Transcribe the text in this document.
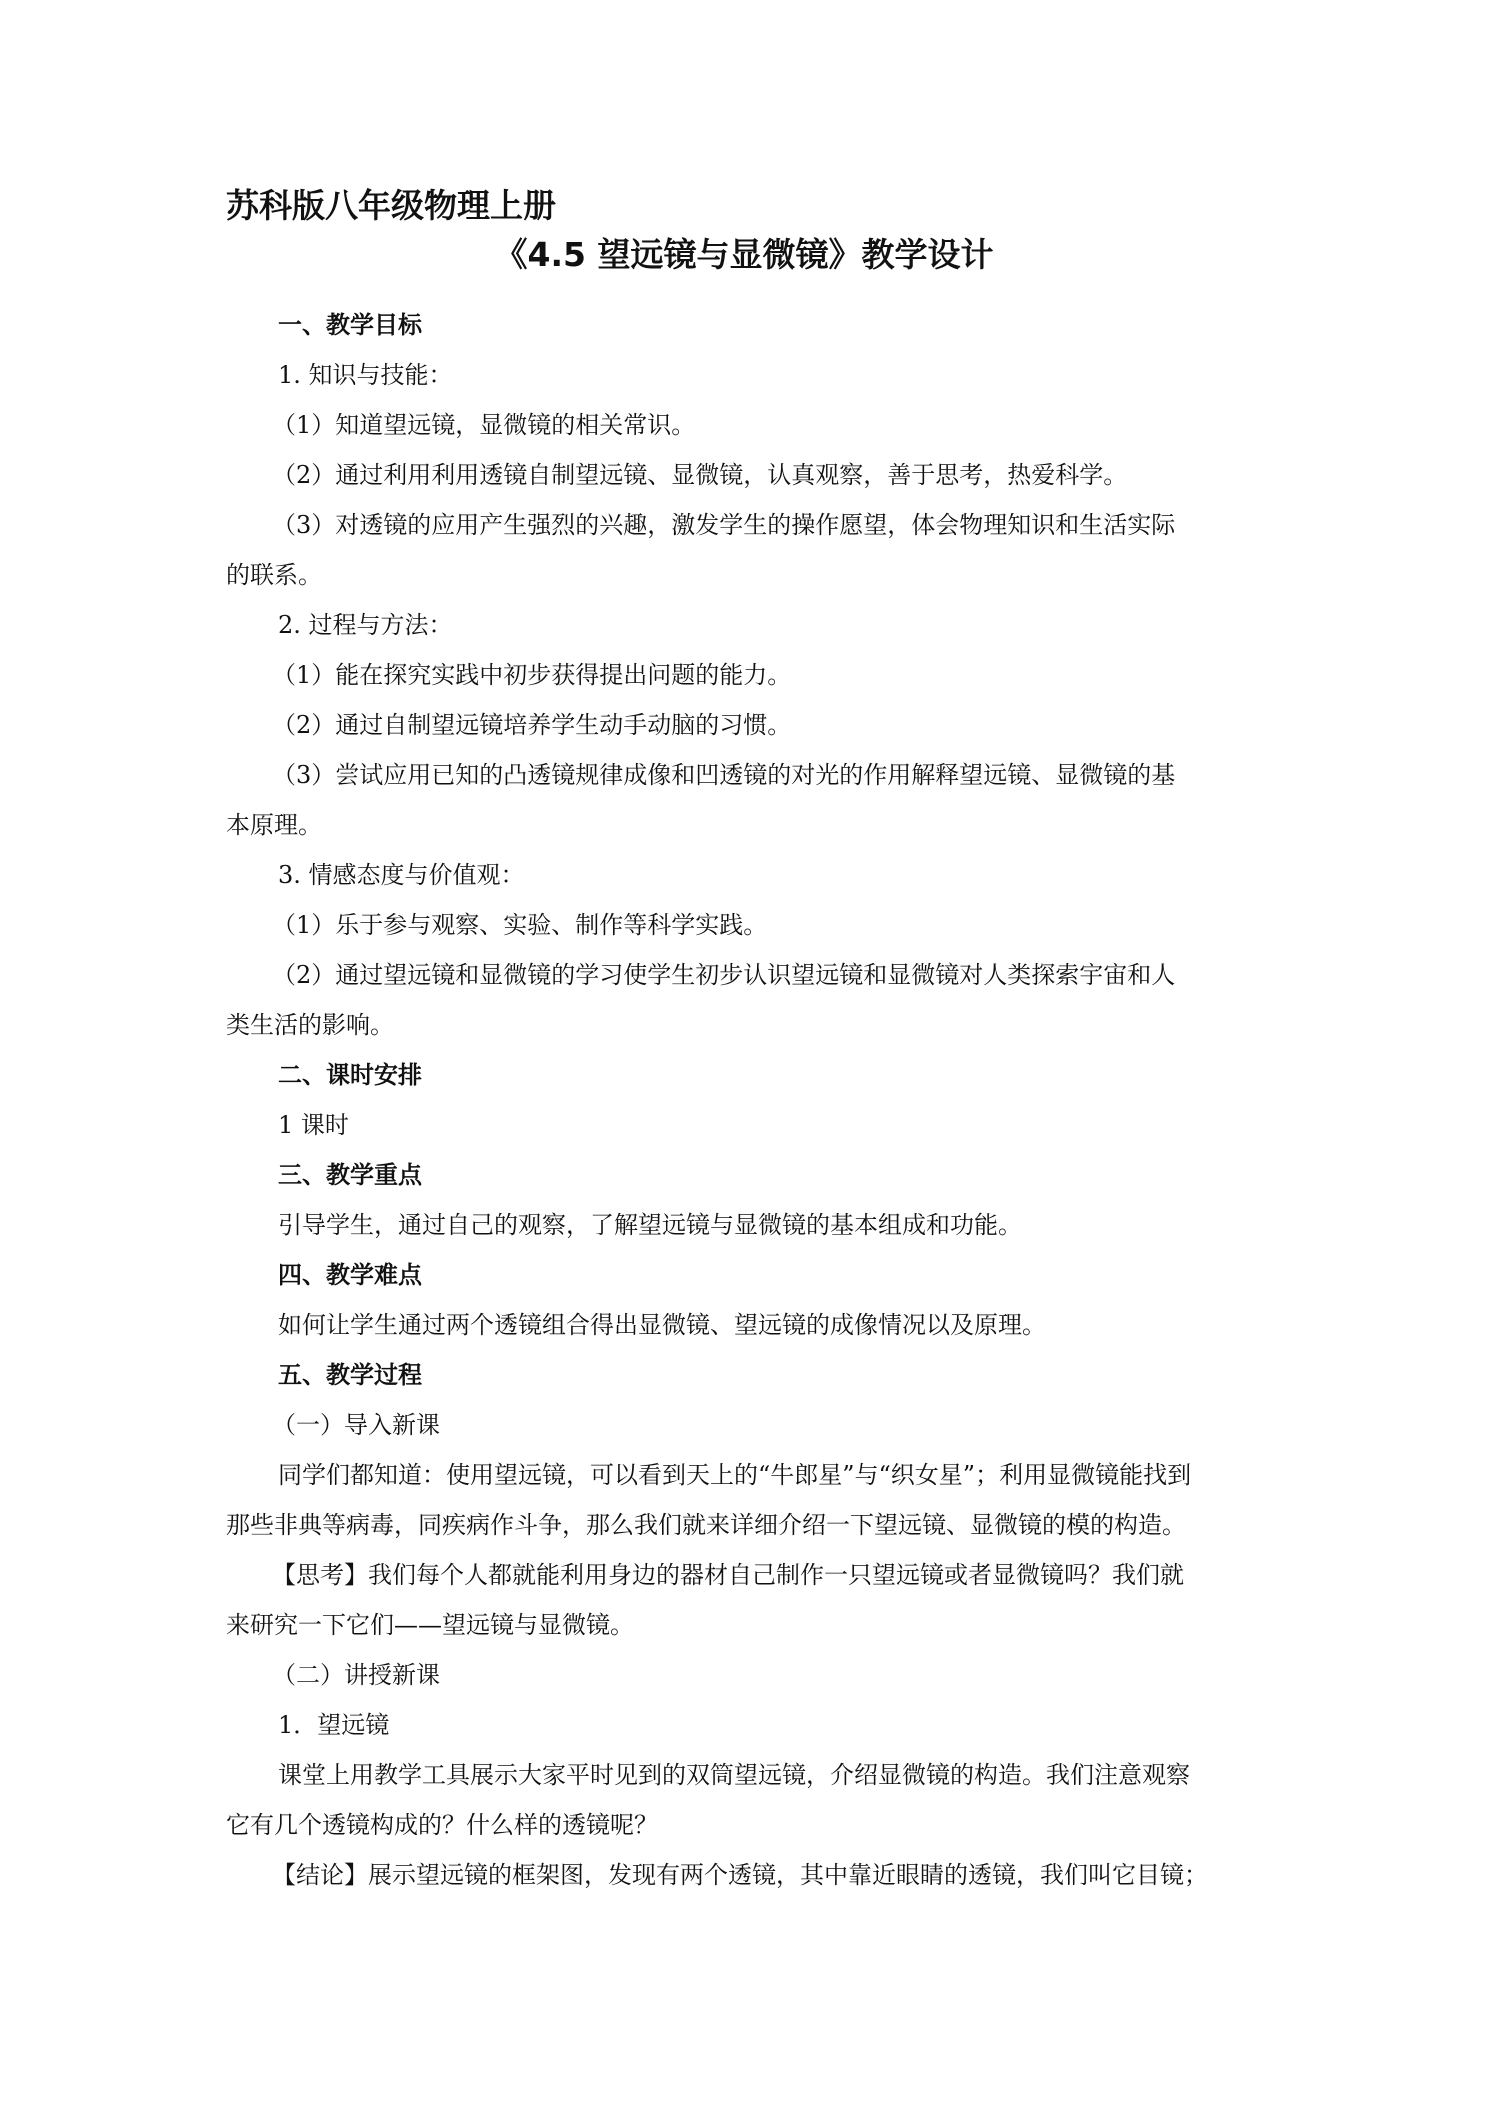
苏科版八年级物理上册
《4.5 望远镜与显微镜》教学设计

一、教学目标

1. 知识与技能：

（1）知道望远镜，显微镜的相关常识。

（2）通过利用利用透镜自制望远镜、显微镜，认真观察，善于思考，热爱科学。

（3）对透镜的应用产生强烈的兴趣，激发学生的操作愿望，体会物理知识和生活实际

的联系。

2. 过程与方法：

（1）能在探究实践中初步获得提出问题的能力。

（2）通过自制望远镜培养学生动手动脑的习惯。

（3）尝试应用已知的凸透镜规律成像和凹透镜的对光的作用解释望远镜、显微镜的基

本原理。

3. 情感态度与价值观：

（1）乐于参与观察、实验、制作等科学实践。

（2）通过望远镜和显微镜的学习使学生初步认识望远镜和显微镜对人类探索宇宙和人

类生活的影响。

二、课时安排

1 课时

三、教学重点

引导学生，通过自己的观察，了解望远镜与显微镜的基本组成和功能。

四、教学难点

如何让学生通过两个透镜组合得出显微镜、望远镜的成像情况以及原理。

五、教学过程

（一）导入新课

同学们都知道：使用望远镜，可以看到天上的“牛郎星”与“织女星”；利用显微镜能找到

那些非典等病毒，同疾病作斗争，那么我们就来详细介绍一下望远镜、显微镜的模的构造。

【思考】我们每个人都就能利用身边的器材自己制作一只望远镜或者显微镜吗？我们就

来研究一下它们——望远镜与显微镜。

（二）讲授新课

1．望远镜

课堂上用教学工具展示大家平时见到的双筒望远镜，介绍显微镜的构造。我们注意观察

它有几个透镜构成的？什么样的透镜呢？

【结论】展示望远镜的框架图，发现有两个透镜，其中靠近眼睛的透镜，我们叫它目镜；
